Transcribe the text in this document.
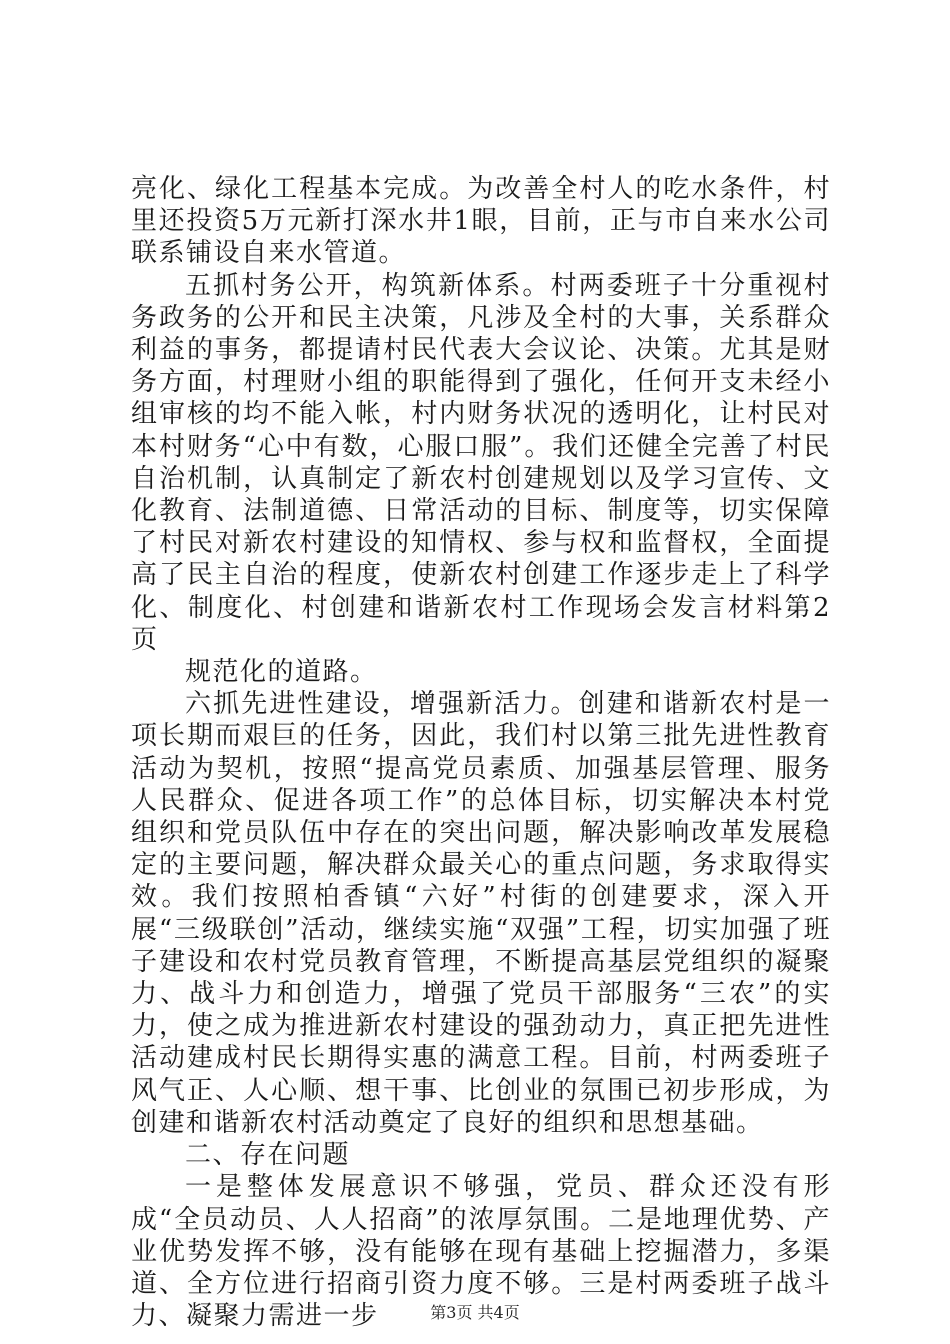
亮化、绿化工程基本完成。为改善全村人的吃水条件，村里还投资5万元新打深水井1眼，目前，正与市自来水公司联系铺设自来水管道。

五抓村务公开，构筑新体系。村两委班子十分重视村务政务的公开和民主决策，凡涉及全村的大事，关系群众利益的事务，都提请村民代表大会议论、决策。尤其是财务方面，村理财小组的职能得到了强化，任何开支未经小组审核的均不能入帐，村内财务状况的透明化，让村民对本村财务“心中有数，心服口服”。我们还健全完善了村民自治机制，认真制定了新农村创建规划以及学习宣传、文化教育、法制道德、日常活动的目标、制度等，切实保障了村民对新农村建设的知情权、参与权和监督权，全面提高了民主自治的程度，使新农村创建工作逐步走上了科学化、制度化、村创建和谐新农村工作现场会发言材料第2页

规范化的道路。

六抓先进性建设，增强新活力。创建和谐新农村是一项长期而艰巨的任务，因此，我们村以第三批先进性教育活动为契机，按照“提高党员素质、加强基层管理、服务人民群众、促进各项工作”的总体目标，切实解决本村党组织和党员队伍中存在的突出问题，解决影响改革发展稳定的主要问题，解决群众最关心的重点问题，务求取得实效。我们按照柏香镇“六好”村街的创建要求，深入开展“三级联创”活动，继续实施“双强”工程，切实加强了班子建设和农村党员教育管理，不断提高基层党组织的凝聚力、战斗力和创造力，增强了党员干部服务“三农”的实力，使之成为推进新农村建设的强劲动力，真正把先进性活动建成村民长期得实惠的满意工程。目前，村两委班子风气正、人心顺、想干事、比创业的氛围已初步形成，为创建和谐新农村活动奠定了良好的组织和思想基础。

二、存在问题

一是整体发展意识不够强，党员、群众还没有形成“全员动员、人人招商”的浓厚氛围。二是地理优势、产业优势发挥不够，没有能够在现有基础上挖掘潜力，多渠道、全方位进行招商引资力度不够。三是村两委班子战斗力、凝聚力需进一步	第3页 共4页
